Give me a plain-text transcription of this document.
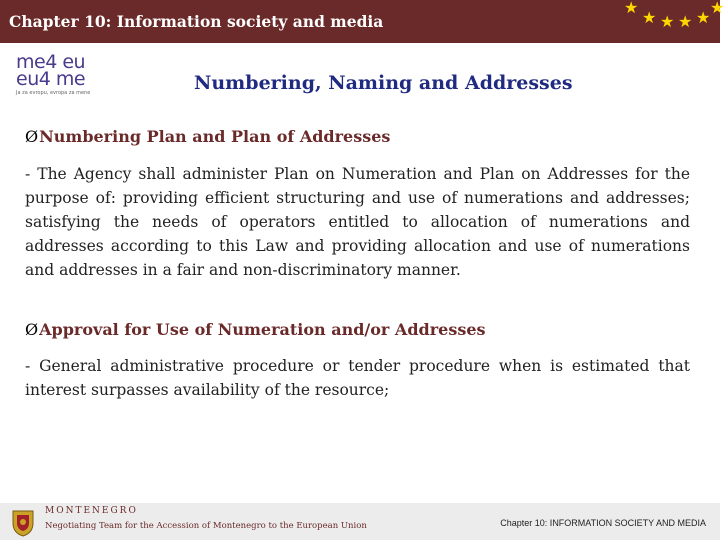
Chapter 10: Information society and media
★
★ ★ ★ ★
★
me4 eu
eu4 me
Ja za evropu, evropa za mene	Numbering, Naming and Addresses
ØNumbering Plan and Plan of Addresses
- The Agency shall administer Plan on Numeration and Plan on Addresses for the purpose of: providing efficient structuring and use of numerations and addresses; satisfying the needs of operators entitled to allocation of numerations and addresses according to this Law and providing allocation and use of numerations and addresses in a fair and non-discriminatory manner.
ØApproval for Use of Numeration and/or Addresses
- General administrative procedure or tender procedure when is estimated that interest surpasses availability of the resource;
MONTENEGRO
Negotiating Team for the Accession of Montenegro to the European Union	Chapter 10: INFORMATION SOCIETY AND MEDIA
